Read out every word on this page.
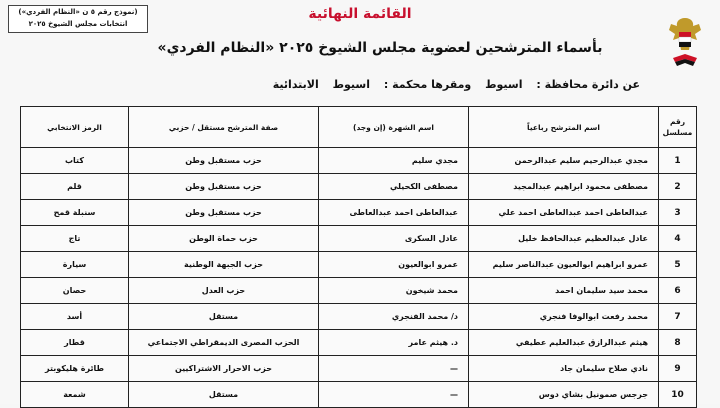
(نموذج رقم ٥ ن «النظام الفردي»)
انتخابات مجلس الشيوخ ٢٠٢٥
القائمة النهائية
بأسماء المترشحين لعضوية مجلس الشيوخ ٢٠٢٥ «النظام الفردي»
عن دائرة محافظة : اسيوط ومقرها محكمة : اسيوط الابتدائية
رقم مسلسل	اسم المترشح رباعياً	اسم الشهرة (إن وجد)	صفة المترشح مستقل / حزبي	الرمز الانتخابي
1	مجدي عبدالرحيم سليم عبدالرحمن	مجدي سليم	حزب مستقبل وطن	كتاب
2	مصطفى محمود ابراهيم عبدالمجيد	مصطفى الكحيلي	حزب مستقبل وطن	قلم
3	عبدالعاطى احمد عبدالعاطى احمد علي	عبدالعاطى احمد عبدالعاطى	حزب مستقبل وطن	سنبلة قمح
4	عادل عبدالعظيم عبدالحافظ خليل	عادل السكرى	حزب حماة الوطن	تاج
5	عمرو ابراهيم ابوالعيون عبدالناصر سليم	عمرو ابوالعيون	حزب الجبهة الوطنية	سيارة
6	محمد سيد سليمان احمد	محمد شيخون	حزب العدل	حصان
7	محمد رفعت ابوالوفا فنجري	د/ محمد الفنجري	مستقل	أسد
8	هيثم عبدالرازق عبدالعليم عطيفي	د. هيثم عامر	الحزب المصرى الديمقراطي الاجتماعي	قطار
9	نادي صلاح سليمان جاد	—	حزب الاحرار الاشتراكيين	طائرة هليكوبتر
10	جرجس صمونيل بشاي دوس	—	مستقل	شمعة
